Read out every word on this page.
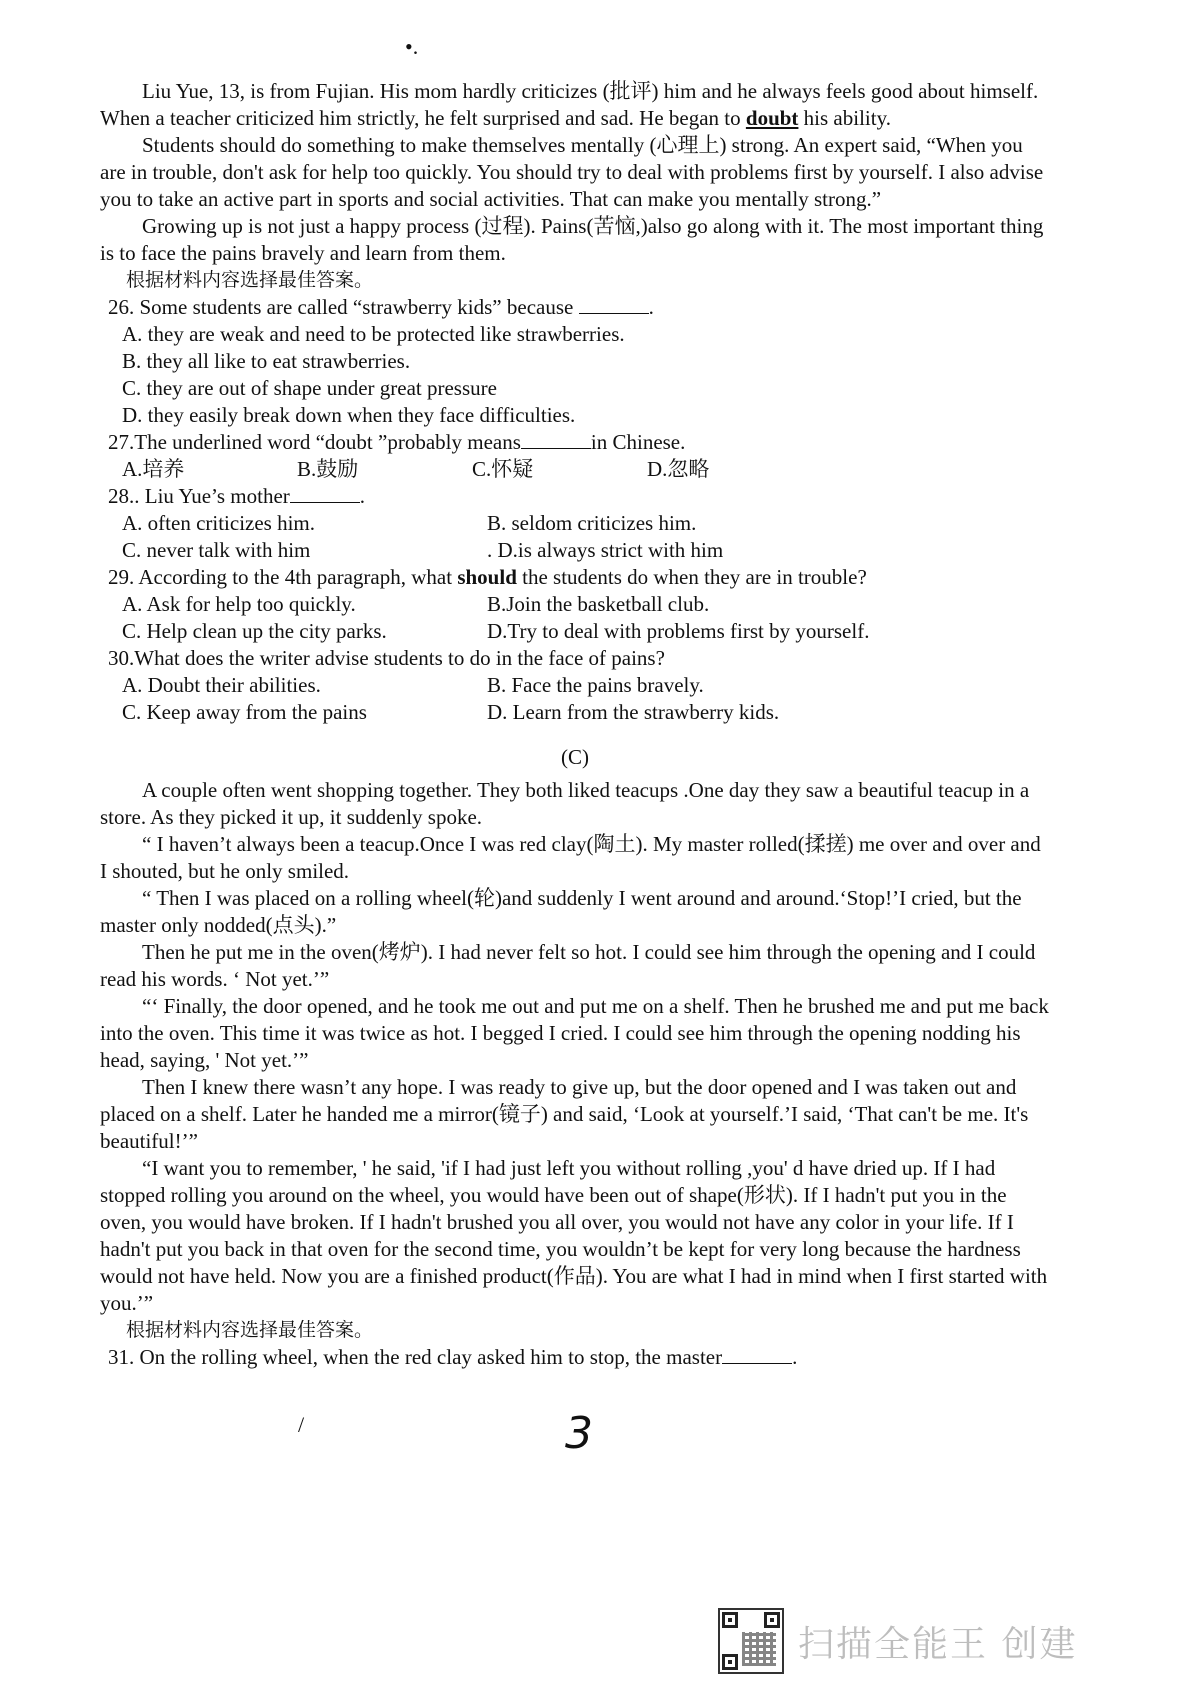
•.

Liu Yue, 13, is from Fujian. His mom hardly criticizes (批评) him and he always feels good about himself. When a teacher criticized him strictly, he felt surprised and sad. He began to doubt his ability.

Students should do something to make themselves mentally (心理上) strong. An expert said, “When you are in trouble, don't ask for help too quickly. You should try to deal with problems first by yourself. I also advise you to take an active part in sports and social activities. That can make you mentally strong.”

Growing up is not just a happy process (过程). Pains(苦恼,)also go along with it. The most important thing is to face the pains bravely and learn from them.

根据材料内容选择最佳答案。

26. Some students are called “strawberry kids” because	.

A. they are weak and need to be protected like strawberries.

B. they all like to eat strawberries.

C. they are out of shape under great pressure

D. they easily break down when they face difficulties.

27.The underlined word “doubt ”probably means	in Chinese.

A.培养	B.鼓励	C.怀疑	D.忽略

28.. Liu Yue’s mother	.

A. often criticizes him.	B. seldom criticizes him.
C. never talk with him	. D.is always strict with him

29. According to the 4th paragraph, what should the students do when they are in trouble?

A. Ask for help too quickly.	B.Join the basketball club.
C. Help clean up the city parks.	D.Try to deal with problems first by yourself.

30.What does the writer advise students to do in the face of pains?

A. Doubt their abilities.	B. Face the pains bravely.
C. Keep away from the pains	D. Learn from the strawberry kids.
(C)

A couple often went shopping together. They both liked teacups .One day they saw a beautiful teacup in a store. As they picked it up, it suddenly spoke.

“ I haven’t always been a teacup.Once I was red clay(陶土). My master rolled(揉搓) me over and over and I shouted, but he only smiled.

“ Then I was placed on a rolling wheel(轮)and suddenly I went around and around.‘Stop!’I cried, but the master only nodded(点头).”

Then he put me in the oven(烤炉). I had never felt so hot. I could see him through the opening and I could read his words. ‘ Not yet.’”

“‘ Finally, the door opened, and he took me out and put me on a shelf. Then he brushed me and put me back into the oven. This time it was twice as hot. I begged I cried. I could see him through the opening nodding his head, saying, ' Not yet.’”

Then I knew there wasn’t any hope. I was ready to give up, but the door opened and I was taken out and placed on a shelf. Later he handed me a mirror(镜子) and said, ‘Look at yourself.’I said, ‘That can't be me. It's beautiful!’”

“I want you to remember, ' he said, 'if I had just left you without rolling ,you' d have dried up. If I had stopped rolling you around on the wheel, you would have been out of shape(形状). If I hadn't put you in the oven, you would have broken. If I hadn't brushed you all over, you would not have any color in your life. If I hadn't put you back in that oven for the second time, you wouldn’t be kept for very long because the hardness would not have held. Now you are a finished product(作品). You are what I had in mind when I first started with you.’”

根据材料内容选择最佳答案。

31. On the rolling wheel, when the red clay asked him to stop, the master	.

/	3
扫描全能王 创建
